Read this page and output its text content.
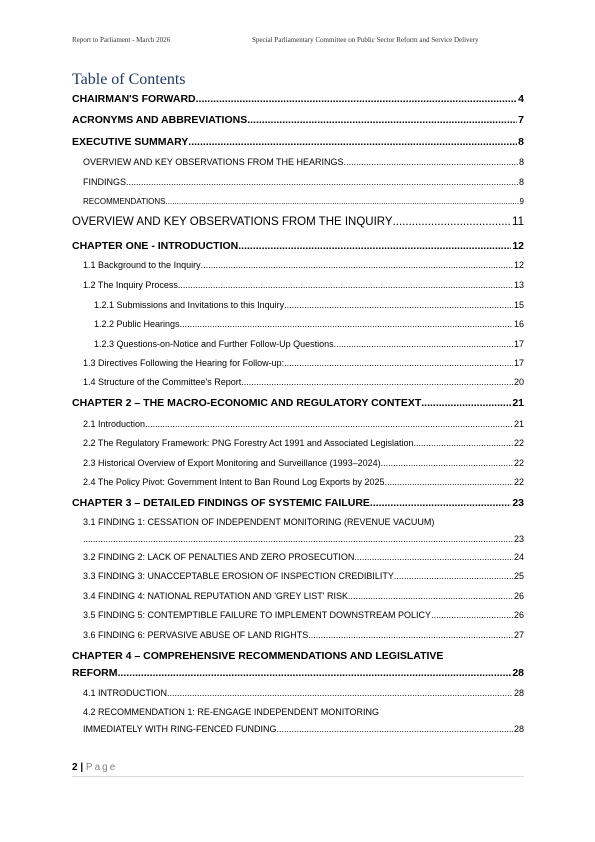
Report to Parliament - March 2026	Special Parliamentary Committee on Public Sector Reform and Service Delivery
Table of Contents
CHAIRMAN'S FORWARD .....	4
ACRONYMS AND ABBREVIATIONS .....	7
EXECUTIVE SUMMARY .....	8
OVERVIEW AND KEY OBSERVATIONS FROM THE HEARINGS .....	8
FINDINGS .....	8
RECOMMENDATIONS .....	9
OVERVIEW AND KEY OBSERVATIONS FROM THE INQUIRY .....	11
CHAPTER ONE - INTRODUCTION .....	12
1.1 Background to the Inquiry .....	12
1.2 The Inquiry Process .....	13
1.2.1 Submissions and Invitations to this Inquiry .....	15
1.2.2 Public Hearings .....	16
1.2.3 Questions-on-Notice and Further Follow-Up Questions .....	17
1.3 Directives Following the Hearing for Follow-up: .....	17
1.4 Structure of the Committee's Report .....	20
CHAPTER 2 – THE MACRO-ECONOMIC AND REGULATORY CONTEXT .....	21
2.1 Introduction .....	21
2.2 The Regulatory Framework: PNG Forestry Act 1991 and Associated Legislation .....	22
2.3 Historical Overview of Export Monitoring and Surveillance (1993–2024) .....	22
2.4 The Policy Pivot: Government Intent to Ban Round Log Exports by 2025 .....	22
CHAPTER 3 – DETAILED FINDINGS OF SYSTEMIC FAILURE .....	23
3.1 FINDING 1: CESSATION OF INDEPENDENT MONITORING (REVENUE VACUUM)
.....
23
3.2 FINDING 2: LACK OF PENALTIES AND ZERO PROSECUTION .....	24
3.3 FINDING 3: UNACCEPTABLE EROSION OF INSPECTION CREDIBILITY .....	25
3.4 FINDING 4: NATIONAL REPUTATION AND 'GREY LIST' RISK .....	26
3.5 FINDING 5: CONTEMPTIBLE FAILURE TO IMPLEMENT DOWNSTREAM POLICY .....	26
3.6 FINDING 6: PERVASIVE ABUSE OF LAND RIGHTS .....	27
CHAPTER 4 – COMPREHENSIVE RECOMMENDATIONS AND LEGISLATIVE
REFORM .....	28
4.1 INTRODUCTION .....	28
4.2 RECOMMENDATION 1: RE-ENGAGE INDEPENDENT MONITORING
IMMEDIATELY WITH RING-FENCED FUNDING. .....	28
2 | Page
